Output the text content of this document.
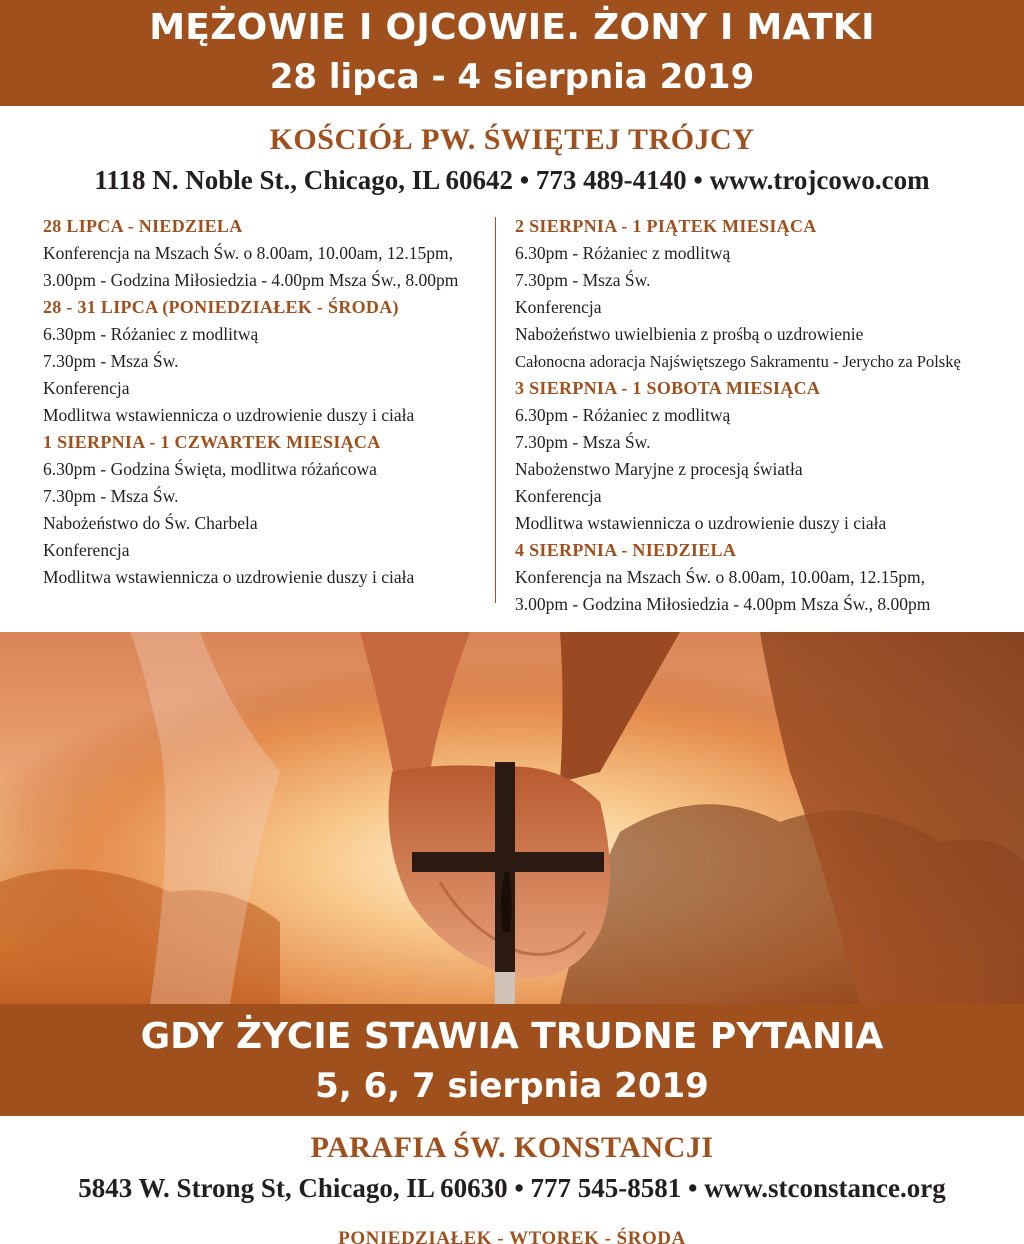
MĘŻOWIE I OJCOWIE. ŻONY I MATKI
28 lipca - 4 sierpnia 2019
KOŚCIÓŁ PW. ŚWIĘTEJ TRÓJCY
1118 N. Noble St., Chicago, IL 60642 • 773 489-4140 • www.trojcowo.com
28 LIPCA - NIEDZIELA
Konferencja na Mszach Św. o 8.00am, 10.00am, 12.15pm,
3.00pm - Godzina Miłosiedzia - 4.00pm Msza Św., 8.00pm
28 - 31 LIPCA (PONIEDZIAŁEK - ŚRODA)
6.30pm - Różaniec z modlitwą
7.30pm - Msza Św.
Konferencja
Modlitwa wstawiennicza o uzdrowienie duszy i ciała
1 SIERPNIA - 1 CZWARTEK MIESIĄCA
6.30pm - Godzina Święta, modlitwa różańcowa
7.30pm - Msza Św.
Nabożeństwo do Św. Charbela
Konferencja
Modlitwa wstawiennicza o uzdrowienie duszy i ciała
2 SIERPNIA - 1 PIĄTEK MIESIĄCA
6.30pm - Różaniec z modlitwą
7.30pm - Msza Św.
Konferencja
Nabożeństwo uwielbienia z prośbą o uzdrowienie
Całonocna adoracja Najświętszego Sakramentu - Jerycho za Polskę
3 SIERPNIA - 1 SOBOTA MIESIĄCA
6.30pm - Różaniec z modlitwą
7.30pm - Msza Św.
Nabożenstwo Maryjne z procesją światła
Konferencja
Modlitwa wstawiennicza o uzdrowienie duszy i ciała
4 SIERPNIA - NIEDZIELA
Konferencja na Mszach Św. o 8.00am, 10.00am, 12.15pm,
3.00pm - Godzina Miłosiedzia - 4.00pm Msza Św., 8.00pm
GDY ŻYCIE STAWIA TRUDNE PYTANIA
5, 6, 7 sierpnia 2019
PARAFIA ŚW. KONSTANCJI
5843 W. Strong St, Chicago, IL 60630 • 777 545-8581 • www.stconstance.org
PONIEDZIAŁEK - WTOREK - ŚRODA
